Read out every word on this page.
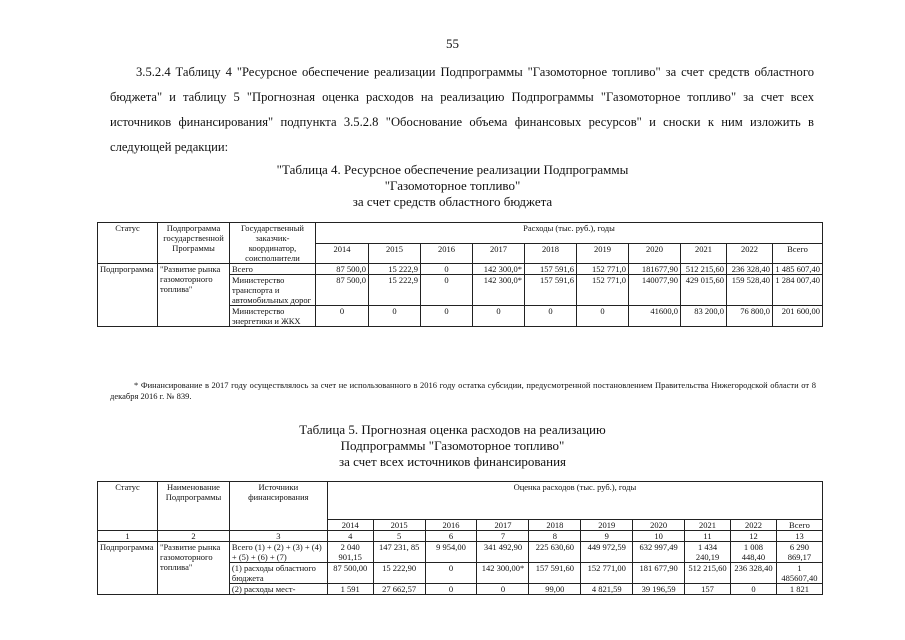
55

3.5.2.4 Таблицу 4 "Ресурсное обеспечение реализации Подпрограммы "Газомоторное топливо" за счет средств областного бюджета" и таблицу 5 "Прогнозная оценка расходов на реализацию Подпрограммы "Газомоторное топливо" за счет всех источников финансирования" подпункта 3.5.2.8 "Обоснование объема финансовых ресурсов" и сноски к ним изложить в следующей редакции:

"Таблица 4. Ресурсное обеспечение реализации Подпрограммы
"Газомоторное топливо"
за счет средств областного бюджета
Статус	Подпрограмма государственной Программы	Государственный заказчик- координатор, соисполнители	Расходы (тыс. руб.), годы									
			2014	2015	2016	2017	2018	2019	2020	2021	2022	Всего
Подпрограмма	"Развитие рынка газомоторного топлива"	Всего	87 500,0	15 222,9	0	142 300,0*	157 591,6	152 771,0	181677,90	512 215,60	236 328,40	1 485 607,40
		Министерство транспорта и автомобильных дорог	87 500,0	15 222,9	0	142 300,0*	157 591,6	152 771,0	140077,90	429 015,60	159 528,40	1 284 007,40
		Министерство энергетики и ЖКХ	0	0	0	0	0	0	41600,0	83 200,0	76 800,0	201 600,00
* Финансирование в 2017 году осуществлялось за счет не использованного в 2016 году остатка субсидии, предусмотренной постановлением Правительства Нижегородской области от 8 декабря 2016 г. № 839.
Таблица 5. Прогнозная оценка расходов на реализацию
Подпрограммы "Газомоторное топливо"
за счет всех источников финансирования
Статус	Наименование Подпрограммы	Источники финансирования	Оценка расходов (тыс. руб.), годы									
			2014	2015	2016	2017	2018	2019	2020	2021	2022	Всего
1	2	3	4	5	6	7	8	9	10	11	12	13
Подпрограмма	"Развитие рынка газомоторного топлива"	Всего (1) + (2) + (3) + (4) + (5) + (6) + (7)	2 040 901,15	147 231, 85	9 954,00	341 492,90	225 630,60	449 972,59	632 997,49	1 434 240,19	1 008 448,40	6 290 869,17
		(1) расходы областного бюджета	87 500,00	15 222,90	0	142 300,00*	157 591,60	152 771,00	181 677,90	512 215,60	236 328,40	1 485607,40
		(2) расходы мест-	1 591	27 662,57	0	0	99,00	4 821,59	39 196,59	157	0	1 821
